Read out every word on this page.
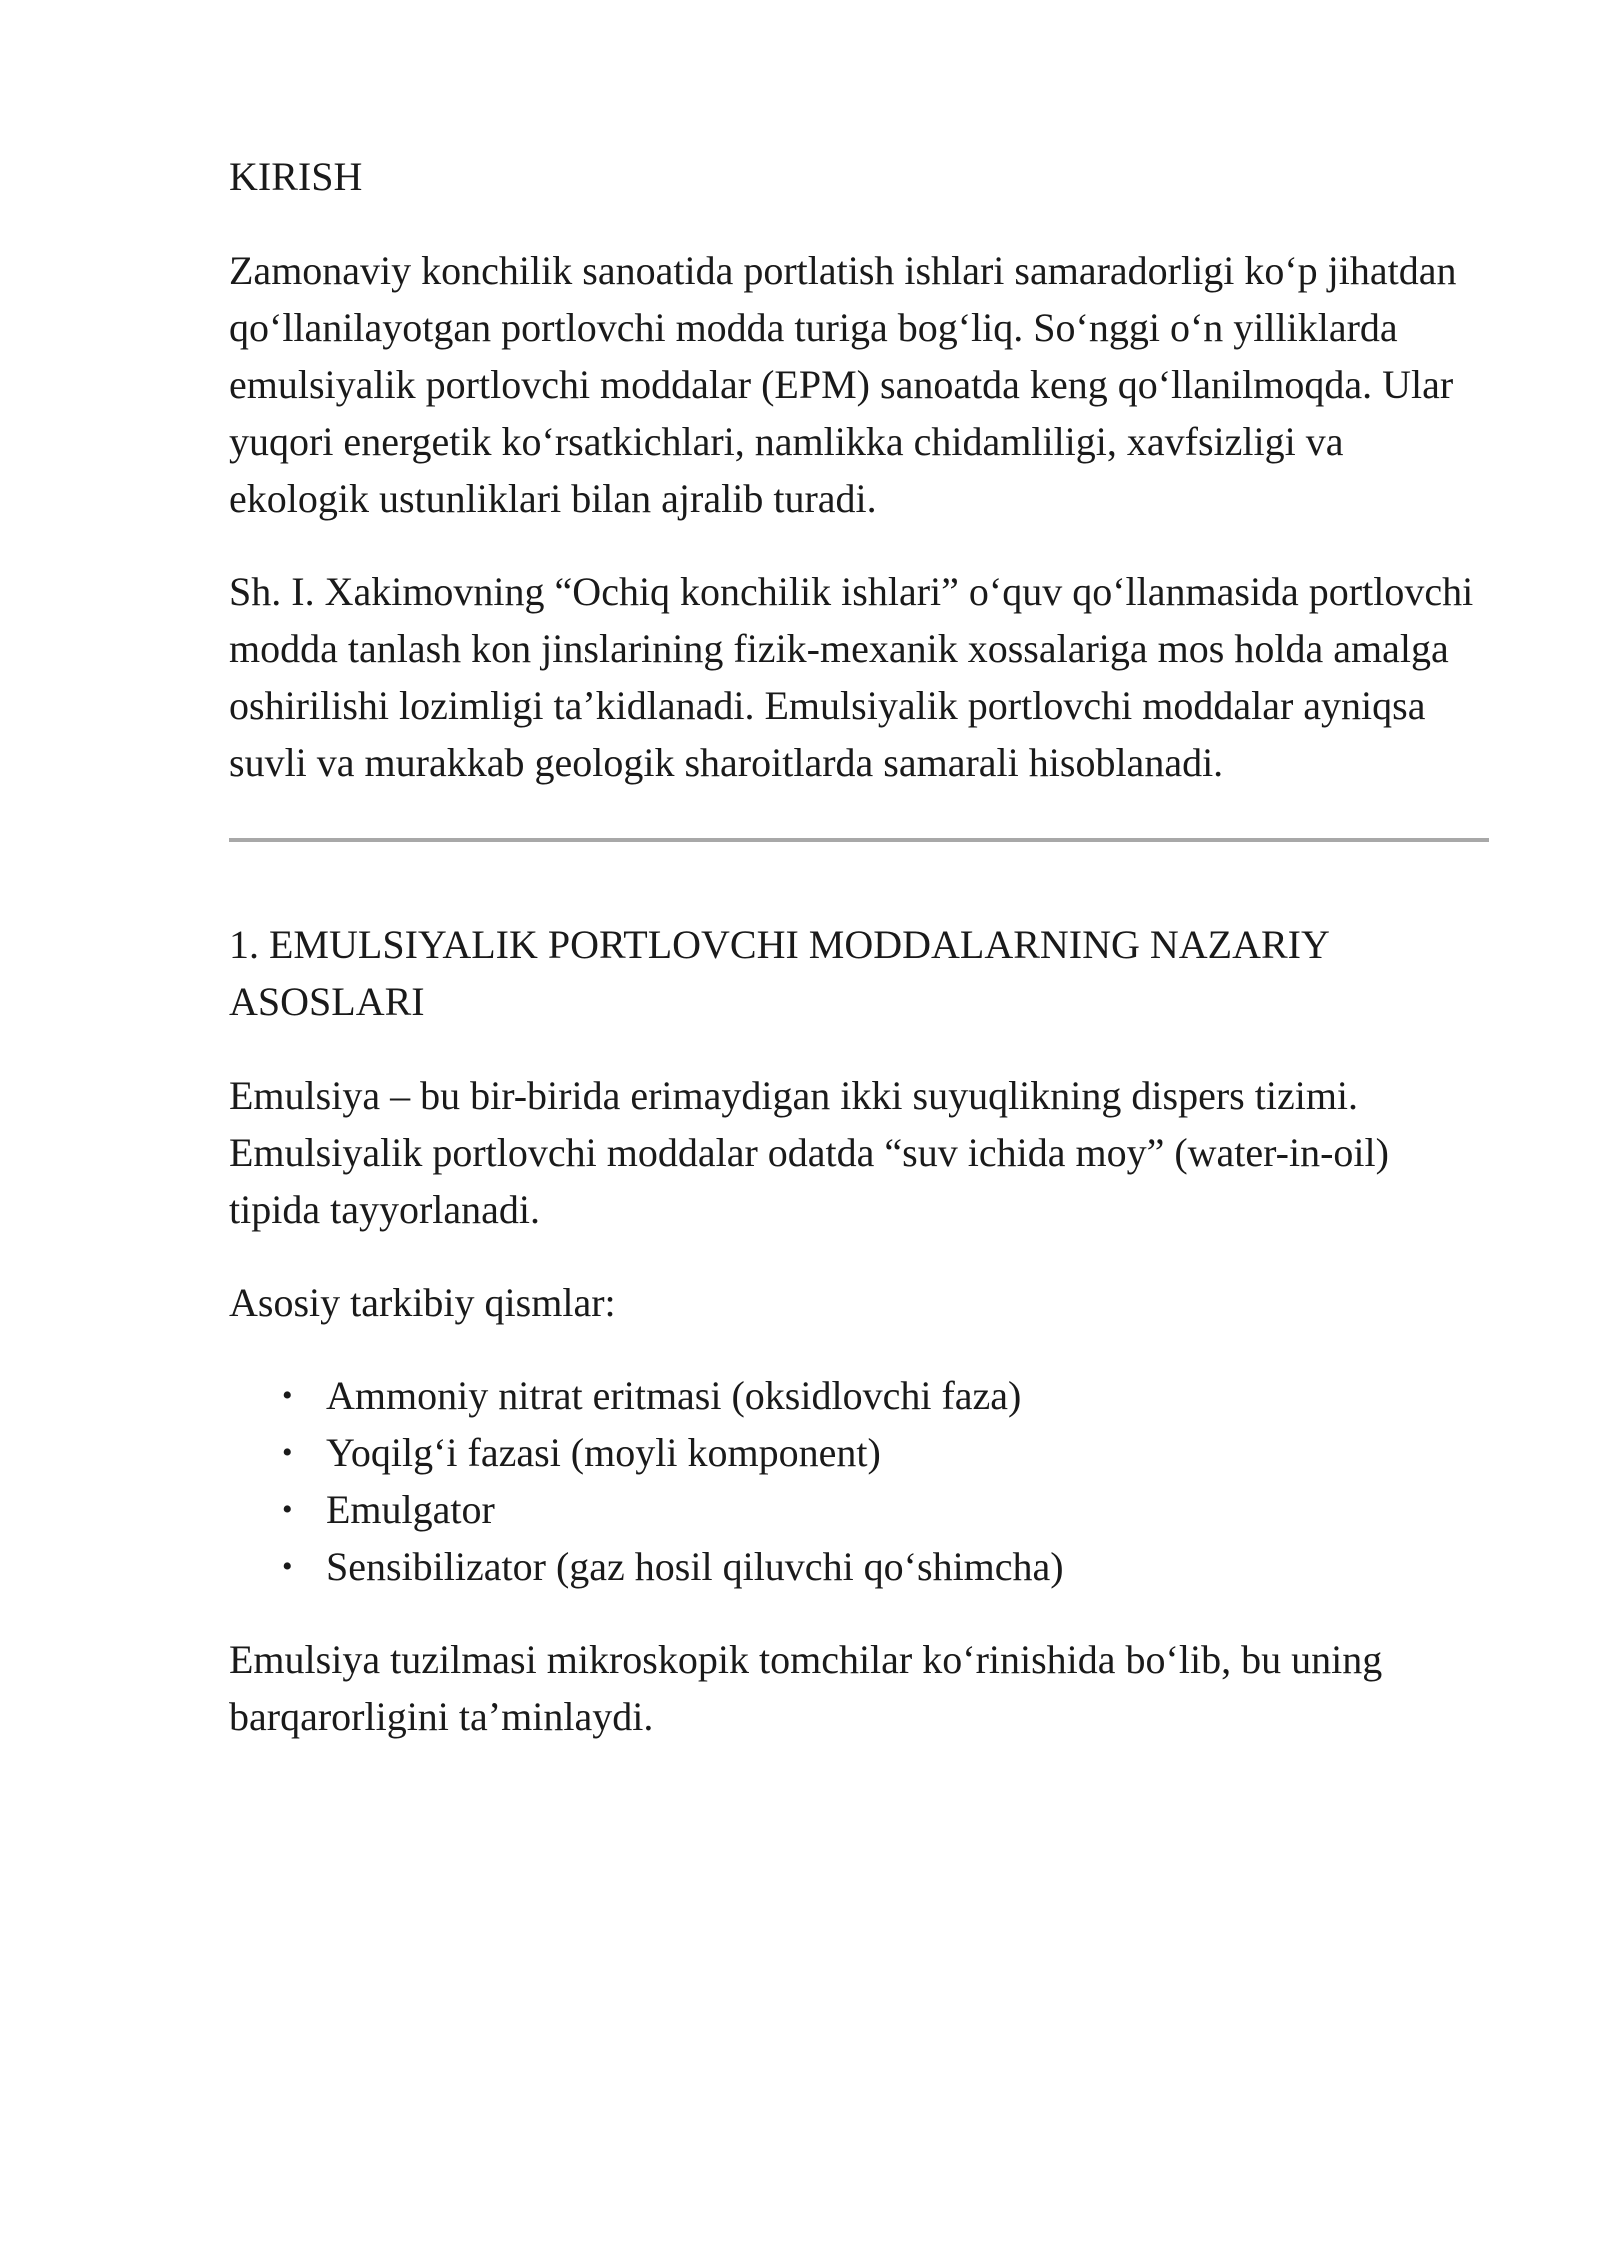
KIRISH

Zamonaviy konchilik sanoatida portlatish ishlari samaradorligi koʻp jihatdan qoʻllanilayotgan portlovchi modda turiga bogʻliq. Soʻnggi oʻn yilliklarda emulsiyalik portlovchi moddalar (EPM) sanoatda keng qoʻllanilmoqda. Ular yuqori energetik koʻrsatkichlari, namlikka chidamliligi, xavfsizligi va ekologik ustunliklari bilan ajralib turadi.

Sh. I. Xakimovning “Ochiq konchilik ishlari” oʻquv qoʻllanmasida portlovchi modda tanlash kon jinslarining fizik-mexanik xossalariga mos holda amalga oshirilishi lozimligi taʼkidlanadi. Emulsiyalik portlovchi moddalar ayniqsa suvli va murakkab geologik sharoitlarda samarali hisoblanadi.

1. EMULSIYALIK PORTLOVCHI MODDALARNING NAZARIY ASOSLARI

Emulsiya – bu bir-birida erimaydigan ikki suyuqlikning dispers tizimi. Emulsiyalik portlovchi moddalar odatda “suv ichida moy” (water-in-oil) tipida tayyorlanadi.

Asosiy tarkibiy qismlar:

• Ammoniy nitrat eritmasi (oksidlovchi faza)
• Yoqilgʻi fazasi (moyli komponent)
• Emulgator
• Sensibilizator (gaz hosil qiluvchi qoʻshimcha)

Emulsiya tuzilmasi mikroskopik tomchilar koʻrinishida boʻlib, bu uning barqarorligini taʼminlaydi.
